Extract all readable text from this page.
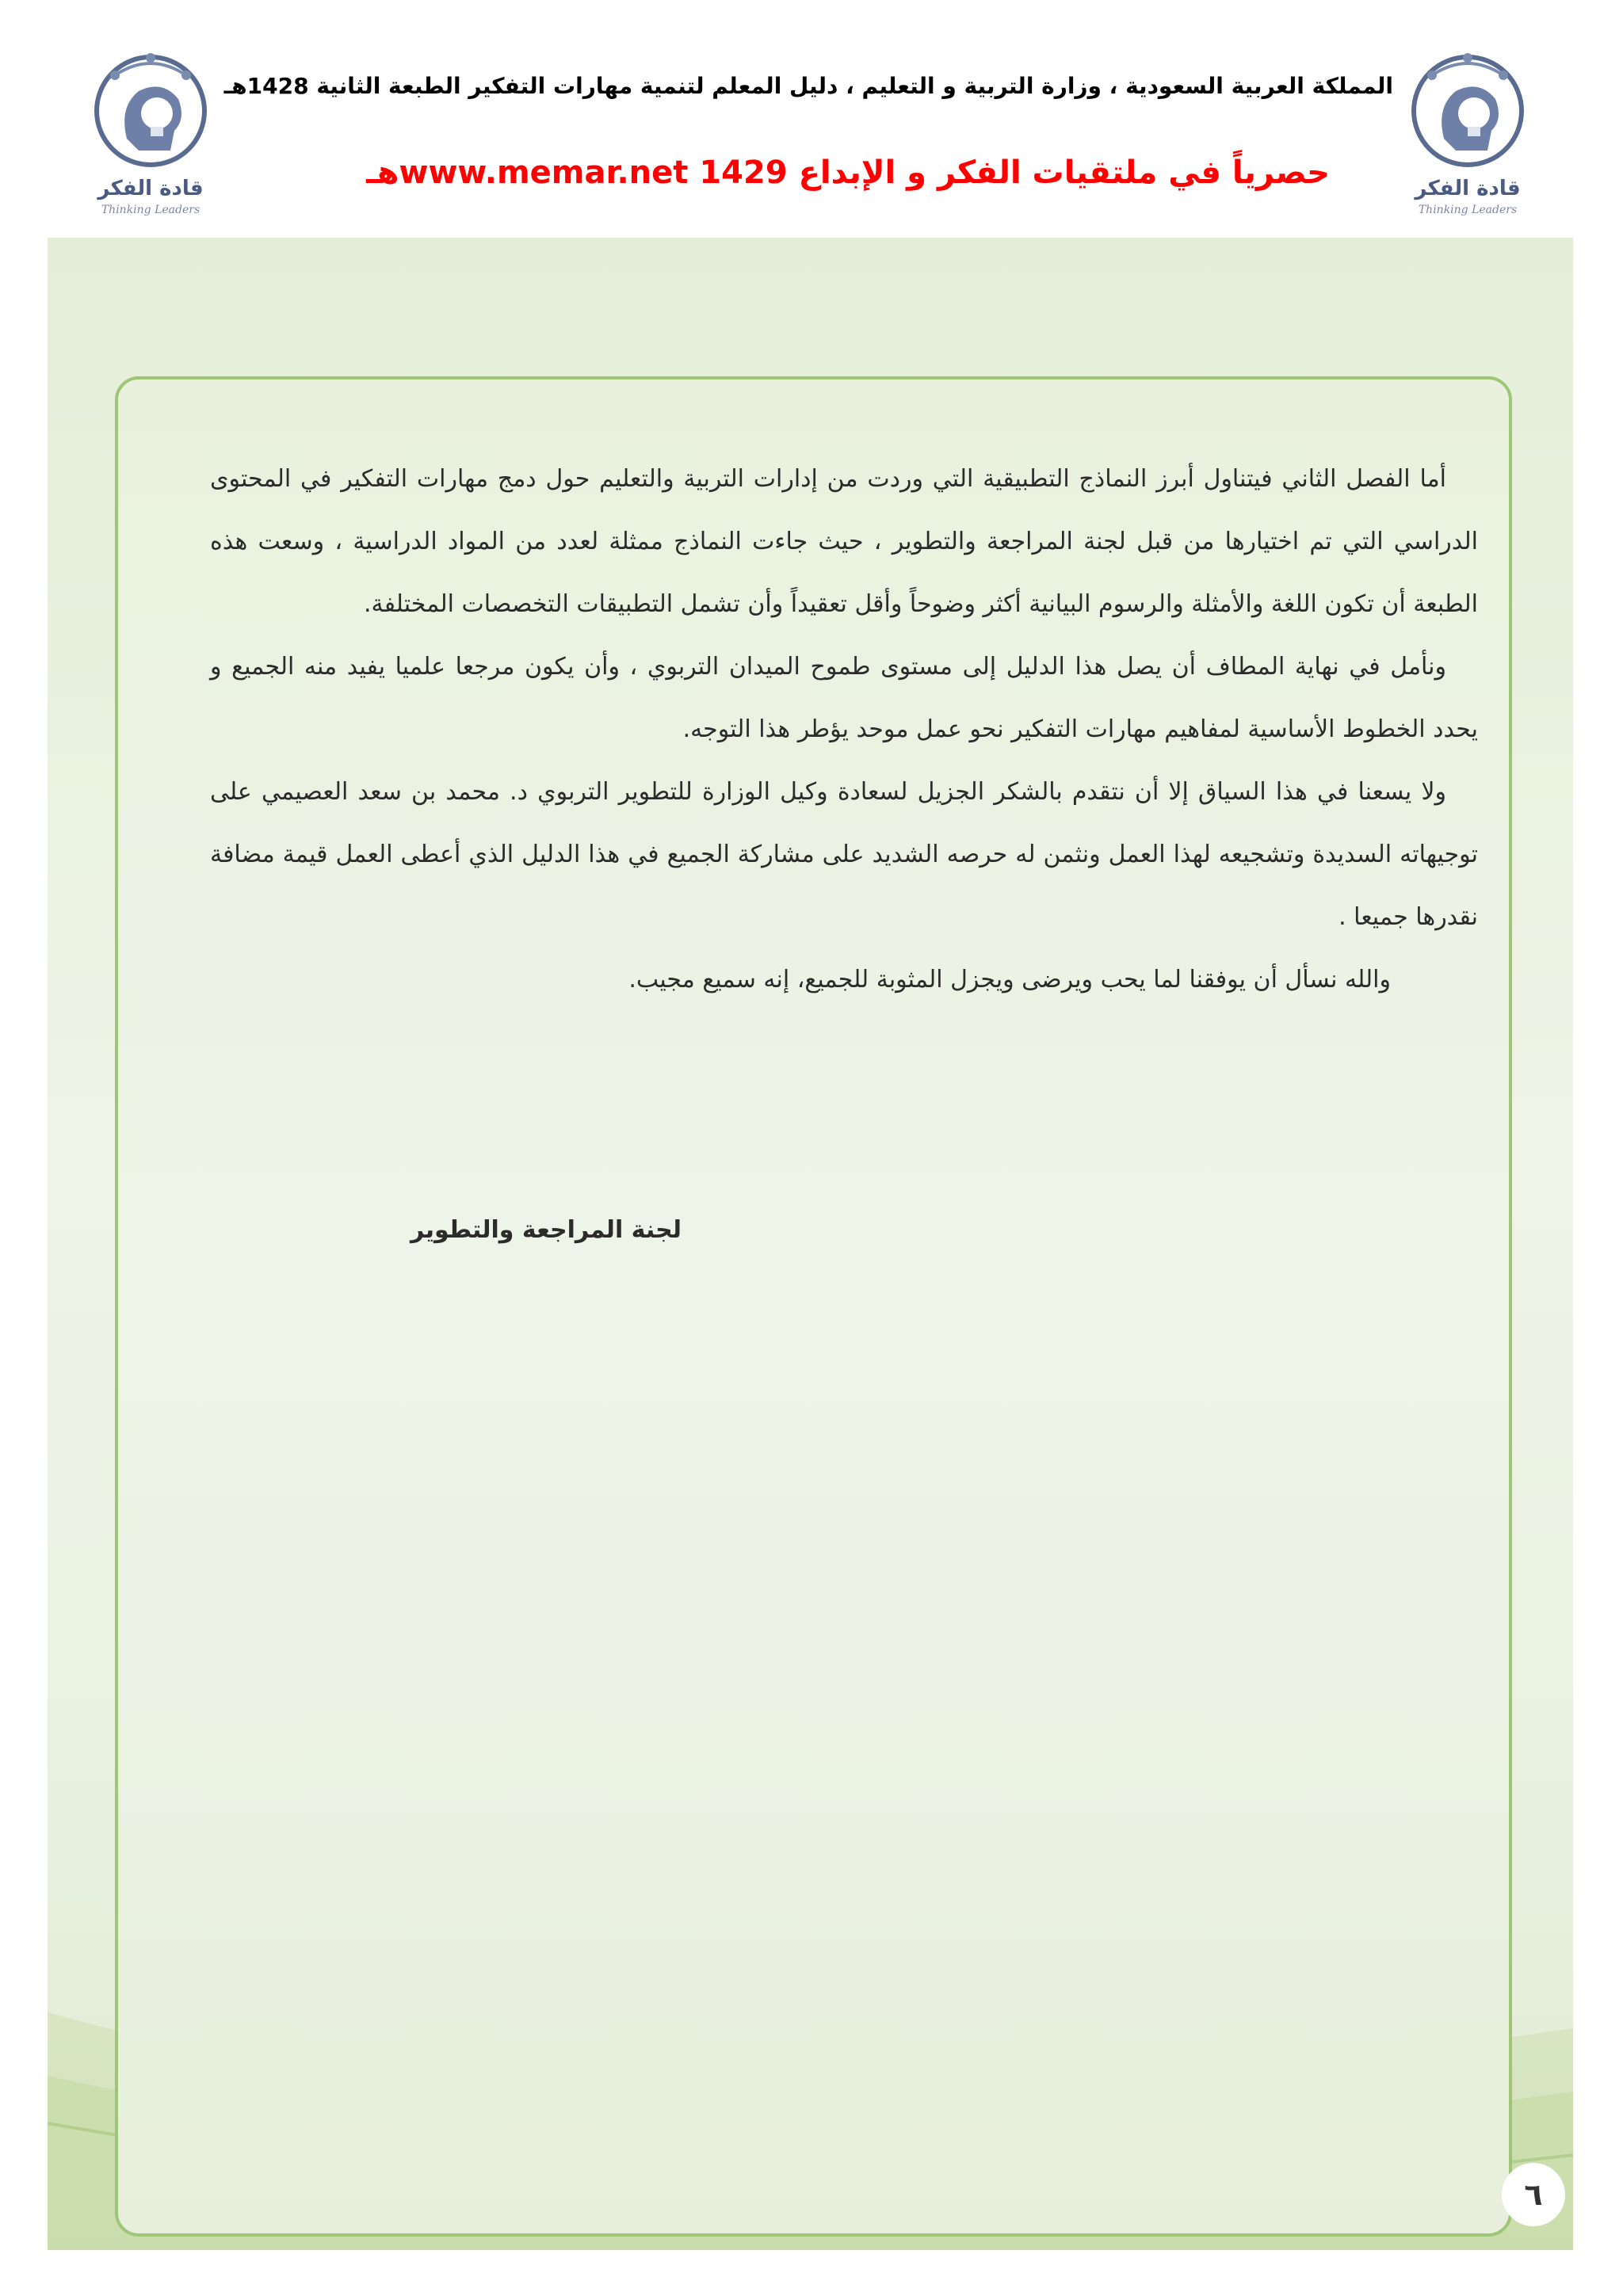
المملكة العربية السعودية ، وزارة التربية و التعليم ، دليل المعلم لتنمية مهارات التفكير الطبعة الثانية 1428هـ
حصرياً في ملتقيات الفكر و الإبداع www.memar.net 1429هـ
قادة الفكر
Thinking Leaders
قادة الفكر
Thinking Leaders

أما الفصل الثاني فيتناول أبرز النماذج التطبيقية التي وردت من إدارات التربية والتعليم حول دمج مهارات التفكير في المحتوى الدراسي التي تم اختيارها من قبل لجنة المراجعة والتطوير ، حيث جاءت النماذج ممثلة لعدد من المواد الدراسية ، وسعت هذه الطبعة أن تكون اللغة والأمثلة والرسوم البيانية أكثر وضوحاً وأقل تعقيداً وأن تشمل التطبيقات التخصصات المختلفة.

ونأمل في نهاية المطاف أن يصل هذا الدليل إلى مستوى طموح الميدان التربوي ، وأن يكون مرجعا علميا يفيد منه الجميع و يحدد الخطوط الأساسية لمفاهيم مهارات التفكير نحو عمل موحد يؤطر هذا التوجه.

ولا يسعنا في هذا السياق إلا أن نتقدم بالشكر الجزيل لسعادة وكيل الوزارة للتطوير التربوي د. محمد بن سعد العصيمي على توجيهاته السديدة وتشجيعه لهذا العمل ونثمن له حرصه الشديد على مشاركة الجميع في هذا الدليل الذي أعطى العمل قيمة مضافة نقدرها جميعا .

والله نسأل أن يوفقنا لما يحب ويرضى ويجزل المثوبة للجميع، إنه سميع مجيب.

لجنة المراجعة والتطوير
٦
